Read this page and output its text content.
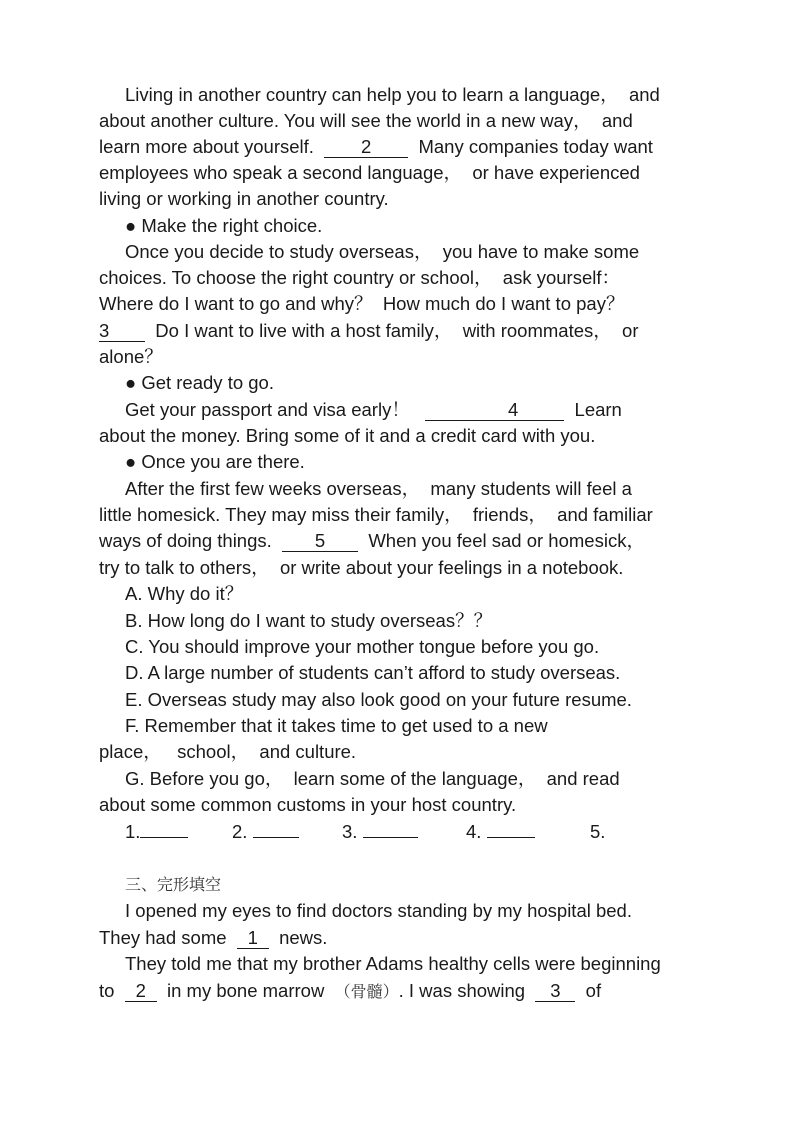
Living in another country can help you to learn a language，  and
about another culture. You will see the world in a new way，  and
learn more about yourself.  2  Many companies today want
employees who speak a second language，  or have experienced
living or working in another country.
● Make the right choice.
Once you decide to study overseas，  you have to make some
choices. To choose the right country or school，  ask yourself：
Where do I want to go and why？  How much do I want to pay？
3  Do I want to live with a host family，  with roommates，  or
alone？
● Get ready to go.
Get your passport and visa early！	4  Learn
about the money. Bring some of it and a credit card with you.
● Once you are there.
After the first few weeks overseas，  many students will feel a
little homesick. They may miss their family，  friends，  and familiar
ways of doing things.  5  When you feel sad or homesick，
try to talk to others，  or write about your feelings in a notebook.
A. Why do it？
B. How long do I want to study overseas？？
C. You should improve your mother tongue before you go.
D. A large number of students can’t afford to study overseas.
E. Overseas study may also look good on your future resume.
F. Remember that it takes time to get used to a new
place，   school，  and culture.
G. Before you go，  learn some of the language，  and read
about some common customs in your host country.
1.	2.	3.	4.	5.
三、完形填空
I opened my eyes to find doctors standing by my hospital bed.
They had some  1  news.
They told me that my brother Adams healthy cells were beginning
to  2  in my bone marrow  （骨髓）. I was showing  3  of
